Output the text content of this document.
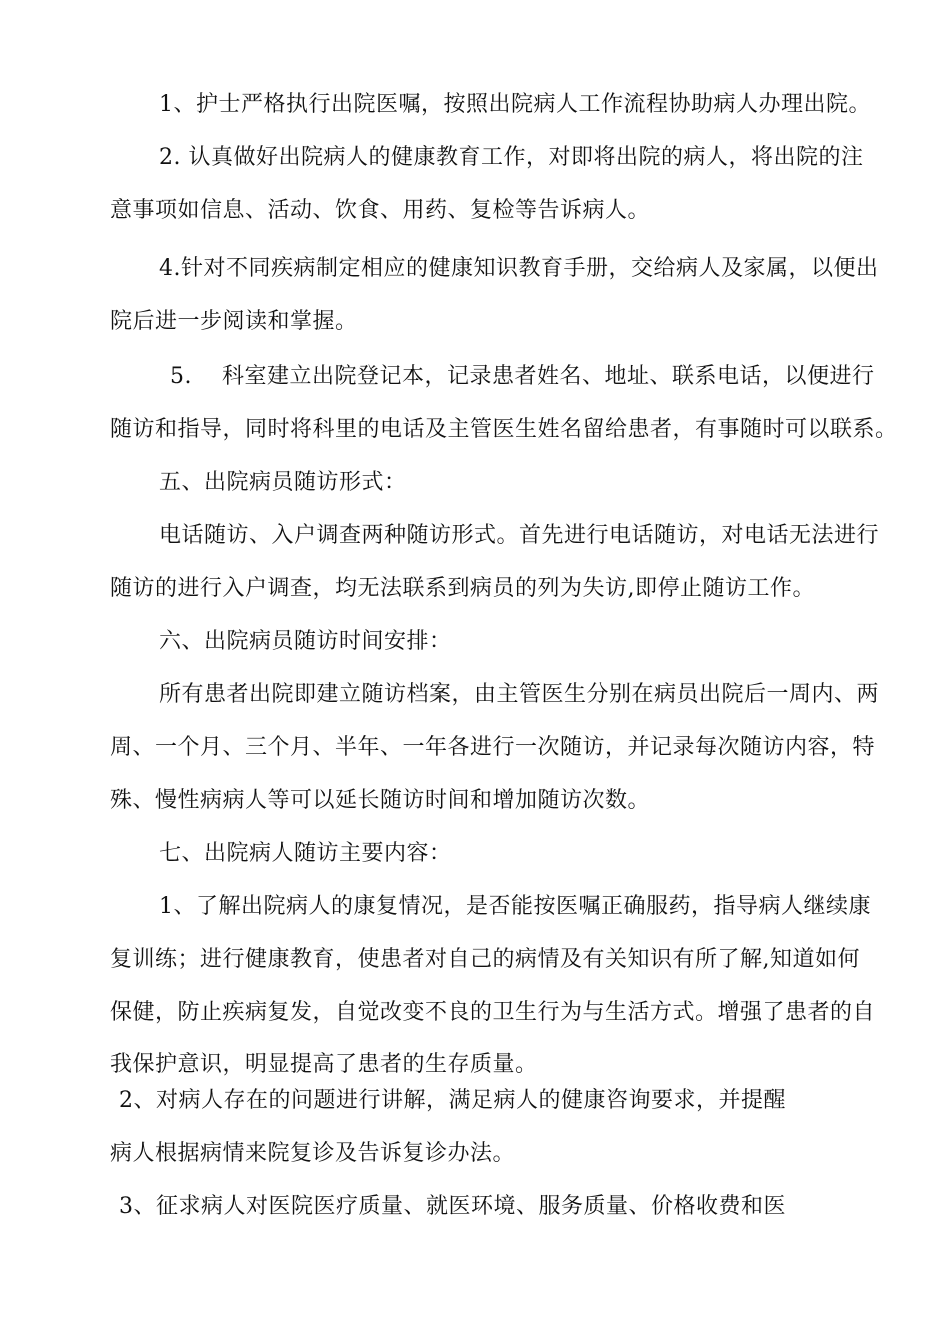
1、护士严格执行出院医嘱，按照出院病人工作流程协助病人办理出院。
2. 认真做好出院病人的健康教育工作，对即将出院的病人，将出院的注
意事项如信息、活动、饮食、用药、复检等告诉病人。
4.针对不同疾病制定相应的健康知识教育手册，交给病人及家属，以便出
院后进一步阅读和掌握。
5.　 科室建立出院登记本，记录患者姓名、地址、联系电话，以便进行
随访和指导，同时将科里的电话及主管医生姓名留给患者，有事随时可以联系。
五、出院病员随访形式：
电话随访、入户调查两种随访形式。首先进行电话随访，对电话无法进行
随访的进行入户调查，均无法联系到病员的列为失访,即停止随访工作。
六、出院病员随访时间安排：
所有患者出院即建立随访档案，由主管医生分别在病员出院后一周内、两
周、一个月、三个月、半年、一年各进行一次随访，并记录每次随访内容，特
殊、慢性病病人等可以延长随访时间和增加随访次数。
七、出院病人随访主要内容：
1、了解出院病人的康复情况，是否能按医嘱正确服药，指导病人继续康
复训练；进行健康教育，使患者对自己的病情及有关知识有所了解,知道如何
保健，防止疾病复发，自觉改变不良的卫生行为与生活方式。增强了患者的自
我保护意识，明显提高了患者的生存质量。
2、对病人存在的问题进行讲解，满足病人的健康咨询要求，并提醒
病人根据病情来院复诊及告诉复诊办法。
3、征求病人对医院医疗质量、就医环境、服务质量、价格收费和医
